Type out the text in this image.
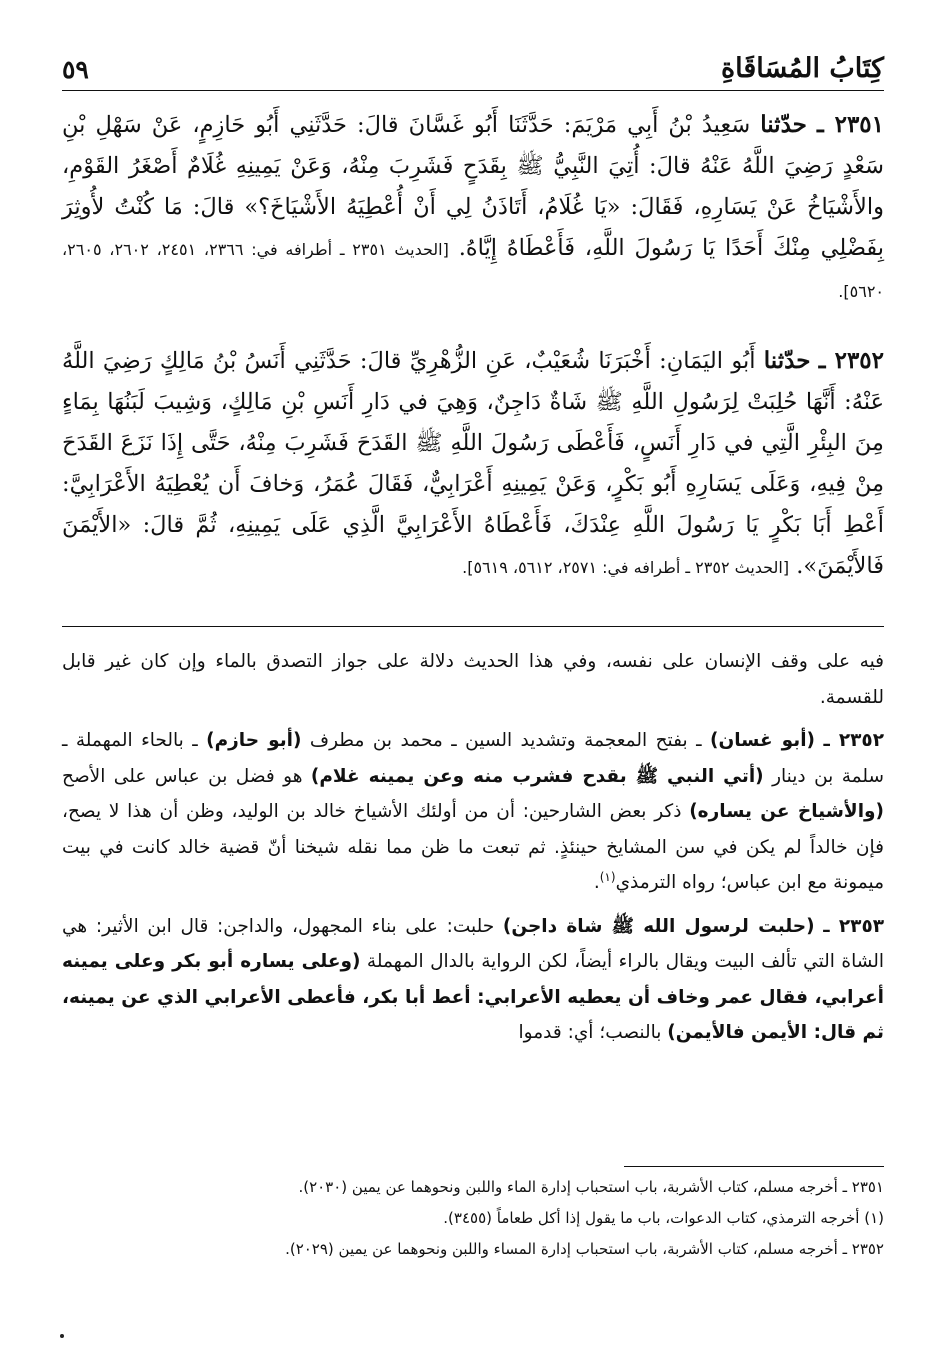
كِتَابُ المُسَاقَاةِ
٥٩

٢٣٥١ ـ حدّثنا سَعِيدُ بْنُ أَبِي مَرْيَمَ: حَدَّثَنَا أَبُو غَسَّانَ قالَ: حَدَّثَنِي أَبُو حَازِمٍ، عَنْ سَهْلِ بْنِ سَعْدٍ رَضِيَ اللَّهُ عَنْهُ قالَ: أُتِيَ النَّبِيُّ ﷺ بِقَدَحٍ فَشَرِبَ مِنْهُ، وَعَنْ يَمِينِهِ غُلَامٌ أَصْغَرُ القَوْمِ، والأَشْيَاخُ عَنْ يَسَارِهِ، فَقَالَ: «يَا غُلَامُ، أَتَاذَنُ لِي أَنْ أُعْطِيَهُ الأَشْيَاخَ؟» قالَ: مَا كُنْتُ لأُوثِرَ بِفَضْلِي مِنْكَ أَحَدًا يَا رَسُولَ اللَّهِ، فَأَعْطَاهُ إِيَّاهُ. [الحديث ٢٣٥١ ـ أطرافه في: ٢٣٦٦، ٢٤٥١، ٢٦٠٢، ٢٦٠٥، ٥٦٢٠].

٢٣٥٢ ـ حدّثنا أَبُو اليَمَانِ: أَخْبَرَنَا شُعَيْبٌ، عَنِ الزُّهْرِيِّ قالَ: حَدَّثَنِي أَنَسُ بْنُ مَالِكٍ رَضِيَ اللَّهُ عَنْهُ: أَنَّهَا حُلِبَتْ لِرَسُولِ اللَّهِ ﷺ شَاةٌ دَاجِنٌ، وَهِيَ في دَارِ أَنَسِ بْنِ مَالِكٍ، وَشِيبَ لَبَنُهَا بِمَاءٍ مِنَ البِئْرِ الَّتِي في دَارِ أَنَسٍ، فَأَعْطَى رَسُولَ اللَّهِ ﷺ القَدَحَ فَشَرِبَ مِنْهُ، حَتَّى إِذَا نَزَعَ القَدَحَ مِنْ فِيهِ، وَعَلَى يَسَارِهِ أَبُو بَكْرٍ، وَعَنْ يَمِينِهِ أَعْرَابِيٌّ، فَقَالَ عُمَرُ، وَخافَ أَن يُعْطِيَهُ الأَعْرَابِيَّ: أَعْطِ أَبَا بَكْرٍ يَا رَسُولَ اللَّهِ عِنْدَكَ، فَأَعْطَاهُ الأَعْرَابِيَّ الَّذِي عَلَى يَمِينِهِ، ثُمَّ قالَ: «الأَيْمَنَ فَالأَيْمَنَ». [الحديث ٢٣٥٢ ـ أطرافه في: ٢٥٧١، ٥٦١٢، ٥٦١٩].

فيه على وقف الإنسان على نفسه، وفي هذا الحديث دلالة على جواز التصدق بالماء وإن كان غير قابل للقسمة.

٢٣٥٢ ـ (أبو غسان) ـ بفتح المعجمة وتشديد السين ـ محمد بن مطرف (أبو حازم) ـ بالحاء المهملة ـ سلمة بن دينار (أتي النبي ﷺ بقدح فشرب منه وعن يمينه غلام) هو فضل بن عباس على الأصح (والأشياخ عن يساره) ذكر بعض الشارحين: أن من أولئك الأشياخ خالد بن الوليد، وظن أن هذا لا يصح، فإن خالداً لم يكن في سن المشايخ حينئذٍ. ثم تبعت ما ظن مما نقله شيخنا أنّ قضية خالد كانت في بيت ميمونة مع ابن عباس؛ رواه الترمذي$^{(١)}$.

٢٣٥٣ ـ (حلبت لرسول الله ﷺ شاة داجن) حلبت: على بناء المجهول، والداجن: قال ابن الأثير: هي الشاة التي تألف البيت ويقال بالراء أيضاً، لكن الرواية بالدال المهملة (وعلى يساره أبو بكر وعلى يمينه أعرابي، فقال عمر وخاف أن يعطيه الأعرابي: أعط أبا بكر، فأعطى الأعرابي الذي عن يمينه، ثم قال: الأيمن فالأيمن) بالنصب؛ أي: قدموا

٢٣٥١ ـ أخرجه مسلم، كتاب الأشربة، باب استحباب إدارة الماء واللبن ونحوهما عن يمين (٢٠٣٠).

(١) أخرجه الترمذي، كتاب الدعوات، باب ما يقول إذا أكل طعاماً (٣٤٥٥).

٢٣٥٢ ـ أخرجه مسلم، كتاب الأشربة، باب استحباب إدارة المساء واللبن ونحوهما عن يمين (٢٠٢٩).
